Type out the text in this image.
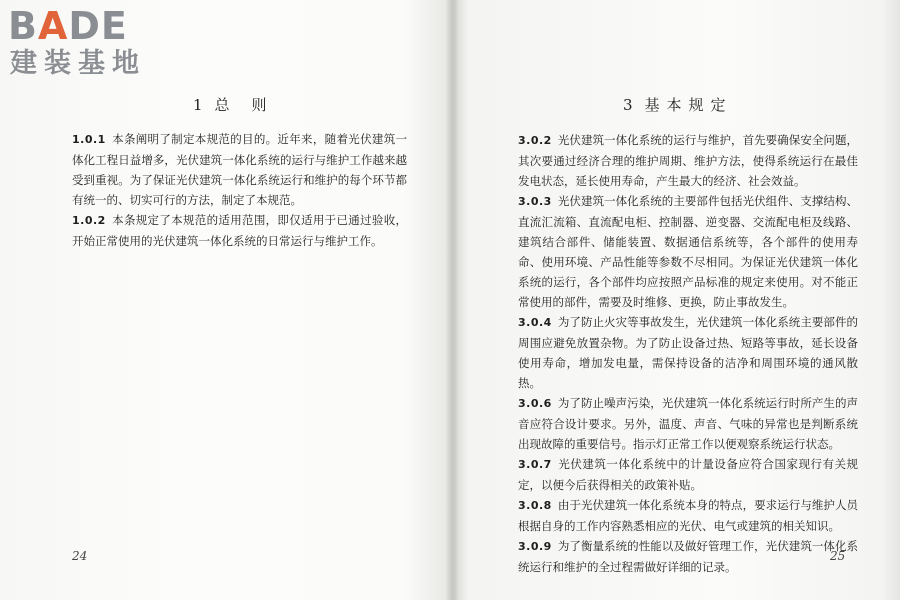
BADE
建装基地
1 总则

1.0.1 本条阐明了制定本规范的目的。近年来，随着光伏建筑一体化工程日益增多，光伏建筑一体化系统的运行与维护工作越来越受到重视。为了保证光伏建筑一体化系统运行和维护的每个环节都有统一的、切实可行的方法，制定了本规范。

1.0.2 本条规定了本规范的适用范围，即仅适用于已通过验收，开始正常使用的光伏建筑一体化系统的日常运行与维护工作。

24
3 基本规定

3.0.2 光伏建筑一体化系统的运行与维护，首先要确保安全问题，其次要通过经济合理的维护周期、维护方法，使得系统运行在最佳发电状态，延长使用寿命，产生最大的经济、社会效益。

3.0.3 光伏建筑一体化系统的主要部件包括光伏组件、支撑结构、直流汇流箱、直流配电柜、控制器、逆变器、交流配电柜及线路、建筑结合部件、储能装置、数据通信系统等，各个部件的使用寿命、使用环境、产品性能等参数不尽相同。为保证光伏建筑一体化系统的运行，各个部件均应按照产品标准的规定来使用。对不能正常使用的部件，需要及时维修、更换，防止事故发生。

3.0.4 为了防止火灾等事故发生，光伏建筑一体化系统主要部件的周围应避免放置杂物。为了防止设备过热、短路等事故，延长设备使用寿命，增加发电量，需保持设备的洁净和周围环境的通风散热。

3.0.6 为了防止噪声污染，光伏建筑一体化系统运行时所产生的声音应符合设计要求。另外，温度、声音、气味的异常也是判断系统出现故障的重要信号。指示灯正常工作以便观察系统运行状态。

3.0.7 光伏建筑一体化系统中的计量设备应符合国家现行有关规定，以便今后获得相关的政策补贴。

3.0.8 由于光伏建筑一体化系统本身的特点，要求运行与维护人员根据自身的工作内容熟悉相应的光伏、电气或建筑的相关知识。

3.0.9 为了衡量系统的性能以及做好管理工作，光伏建筑一体化系统运行和维护的全过程需做好详细的记录。

25
